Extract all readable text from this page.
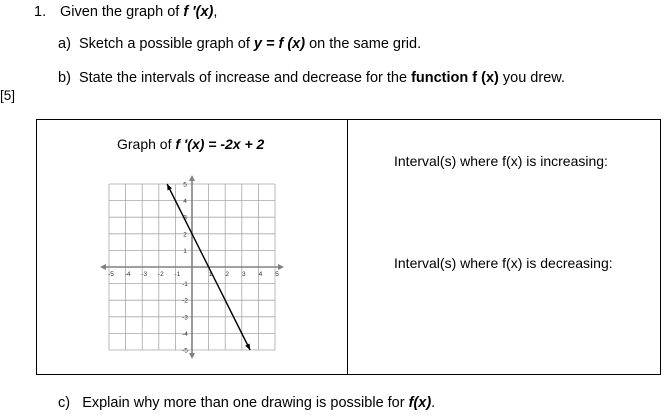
1. Given the graph of f ′(x),
a) Sketch a possible graph of y = f (x) on the same grid.
b) State the intervals of increase and decrease for the function f (x) you drew.
[5]
Graph of f ′(x) = -2x + 2
-5 -4 -3 -2 -1	1 2 3 4 5
-5
-4
-3
-2
-1
1
2
3
4
5
Interval(s) where f(x) is increasing:
Interval(s) where f(x) is decreasing:
c) Explain why more than one drawing is possible for f(x).
